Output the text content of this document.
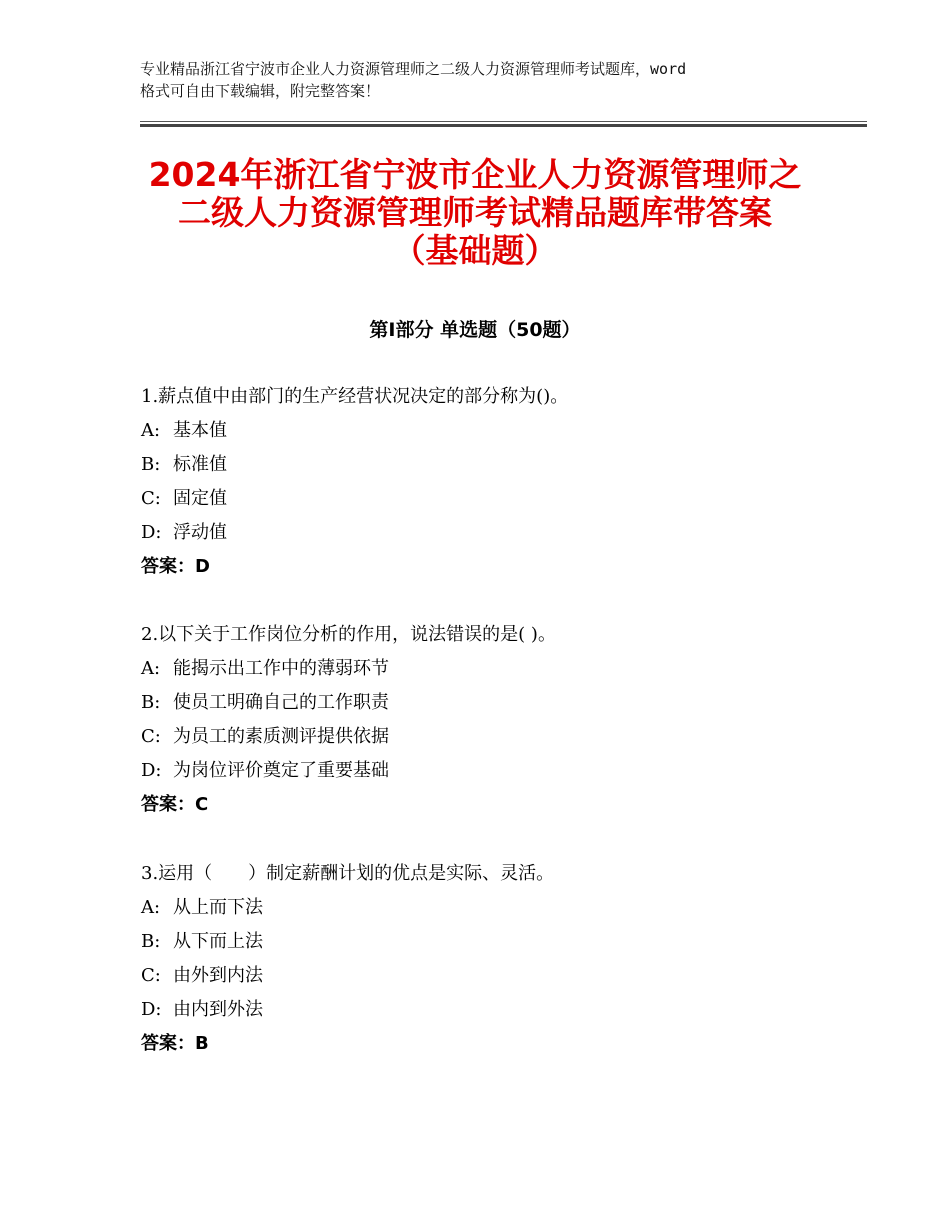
专业精品浙江省宁波市企业人力资源管理师之二级人力资源管理师考试题库，word
格式可自由下载编辑，附完整答案！
2024年浙江省宁波市企业人力资源管理师之
二级人力资源管理师考试精品题库带答案
（基础题）
第Ⅰ部分 单选题（50题）
1.薪点值中由部门的生产经营状况决定的部分称为()。
A: 基本值
B: 标准值
C: 固定值
D: 浮动值
答案：D
2.以下关于工作岗位分析的作用，说法错误的是( )。
A: 能揭示出工作中的薄弱环节
B: 使员工明确自己的工作职责
C: 为员工的素质测评提供依据
D: 为岗位评价奠定了重要基础
答案：C
3.运用（　　）制定薪酬计划的优点是实际、灵活。
A: 从上而下法
B: 从下而上法
C: 由外到内法
D: 由内到外法
答案：B
